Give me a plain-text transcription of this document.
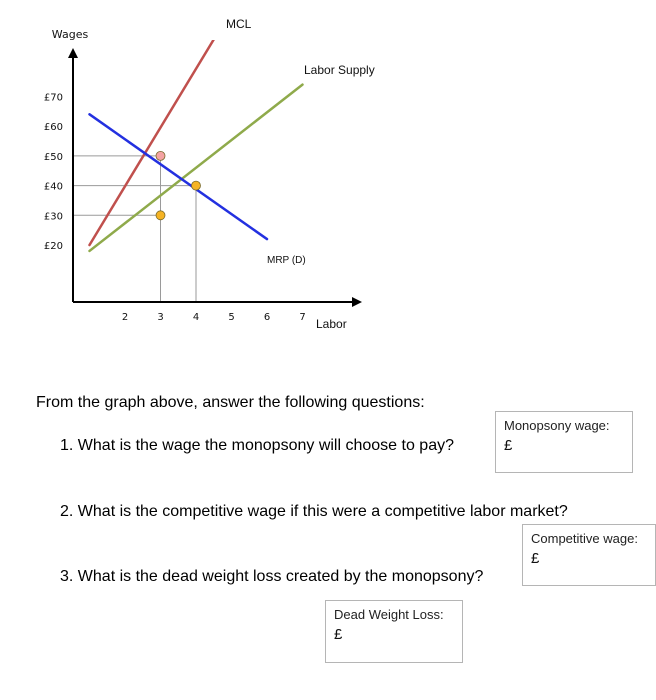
£20
£30
£40
£50
£60
£70
2	3	4	5	6	7
Wages
Labor
MCL
Labor Supply
MRP (D)
From the graph above, answer the following questions:
1. What is the wage the monopsony will choose to pay?
2. What is the competitive wage if this were a competitive labor market?
3. What is the dead weight loss created by the monopsony?
Monopsony wage:
£
Competitive wage:
£
Dead Weight Loss:
£
